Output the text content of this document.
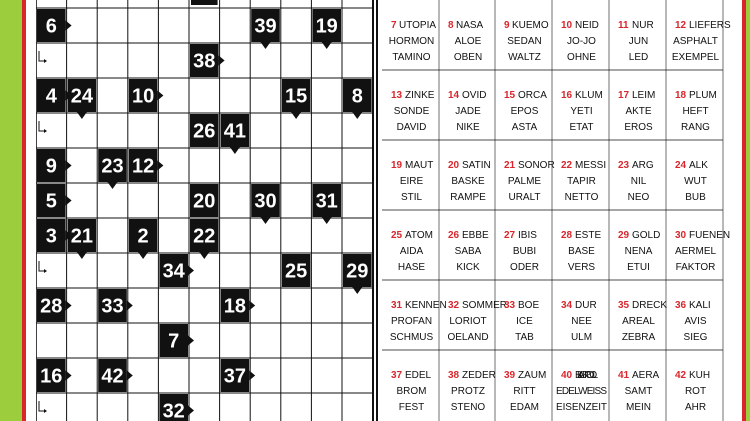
6	39 19
38
4 24 10	15 8
26 41
9 23 12
5	20 30 31
3 21 2 22
34	25 29
28 33	18
7
16 42	37
32
7 UTOPIA
HORMON
TAMINO
8 NASA
ALOE
OBEN
9 KUEMO
SEDAN
WALTZ
10 NEID
JO-JO
OHNE
11 NUR
JUN
LED
12 LIEFERS
ASPHALT
EXEMPEL
13 ZINKE
SONDE
DAVID
14 OVID
JADE
NIKE
15 ORCA
EPOS
ASTA
16 KLUM
YETI
ETAT
17 LEIM
AKTE
EROS
18 PLUM
HEFT
RANG
19 MAUT
EIRE
STIL
20 SATIN
BASKE
RAMPE
21 SONOR
PALME
URALT
22 MESSI
TAPIR
NETTO
23 ARG
NIL
NEO
24 ALK
WUT
BUB
25 ATOM
AIDA
HASE
26 EBBE
SABA
KICK
27 IBIS
BUBI
ODER
28 ESTE
BASE
VERS
29 GOLD
NENA
ETUI
30 FUENEN
AERMEL
FAKTOR
31 KENNEN
PROFAN
SCHMUS
32 SOMMER
LORIOT
OELAND
33 BOE
ICE
TAB
34 DUR
NEE
ULM
35 DRECK
AREAL
ZEBRA
36 KALI
AVIS
SIEG
37 EDEL
BROM
FEST
38 ZEDER
PROTZ
STENO
39 ZAUM
RITT
EDAM
40 BLACKPOOL
EDELWEISS
EISENZEIT
41 AERA
SAMT
MEIN
42 KUH
ROT
AHR
